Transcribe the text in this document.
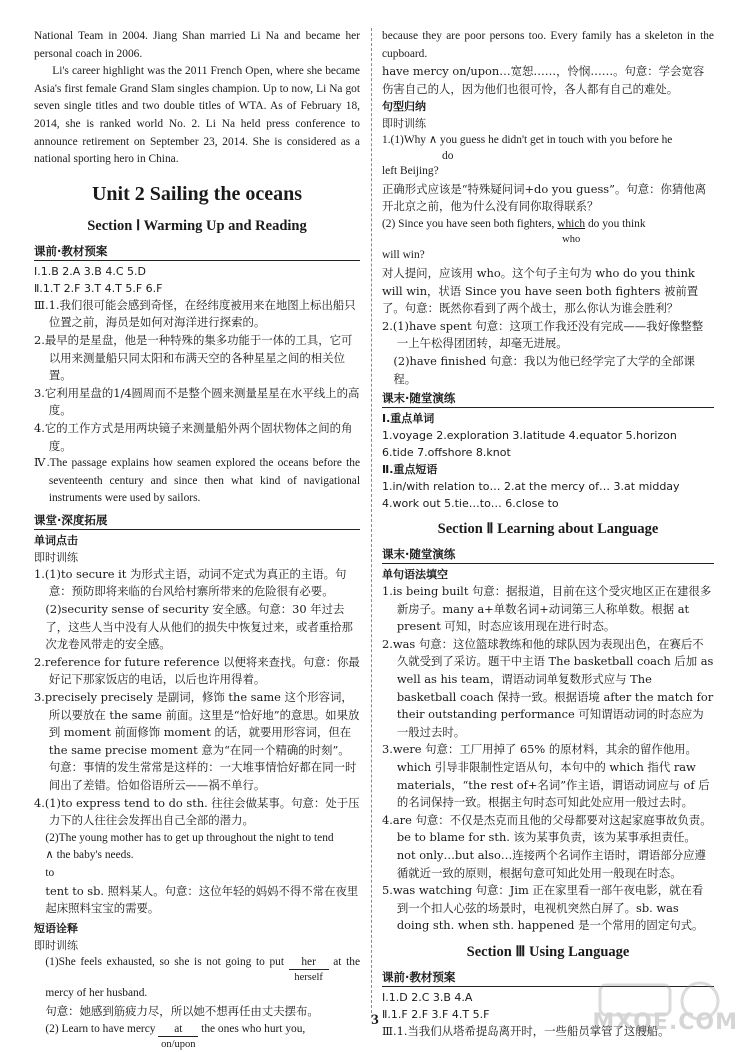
National Team in 2004. Jiang Shan married Li Na and became her personal coach in 2006.

Li's career highlight was the 2011 French Open, where she became Asia's first female Grand Slam singles champion. Up to now, Li Na got seven single titles and two double titles of WTA. As of February 18, 2014, she is ranked world No. 2. Li Na held press conference to announce retirement on September 23, 2014. She is considered as a national sporting hero in China.

Unit 2 Sailing the oceans
Section Ⅰ Warming Up and Reading
课前·教材预案

Ⅰ.1.B 2.A 3.B 4.C 5.D

Ⅱ.1.T 2.F 3.T 4.T 5.F 6.F

Ⅲ.1.我们很可能会感到奇怪，在经纬度被用来在地图上标出船只位置之前，海员是如何对海洋进行探索的。

2.最早的是星盘，他是一种特殊的集多功能于一体的工具，它可以用来测量船只同太阳和布满天空的各种星星之间的相关位置。

3.它利用星盘的1/4圆周而不是整个圆来测量星星在水平线上的高度。

4.它的工作方式是用两块镜子来测量船外两个固状物体之间的角度。

Ⅳ.The passage explains how seamen explored the oceans before the seventeenth century and since then what kind of navigational instruments were used by sailors.

课堂·深度拓展

单词点击

即时训练

1.(1)to secure it 为形式主语，动词不定式为真正的主语。句意：预防即将来临的台风给村寨所带来的危险很有必要。

(2)security sense of security 安全感。句意：30 年过去了，这些人当中没有人从他们的损失中恢复过来，或者重拾那次龙卷风带走的安全感。

2.reference for future reference 以便将来查找。句意：你最好记下那家饭店的电话，以后也许用得着。

3.precisely precisely 是副词，修饰 the same 这个形容词，所以要放在 the same 前面。这里是“恰好地”的意思。如果放到 moment 前面修饰 moment 的话，就要用形容词，但在 the same precise moment 意为“在同一个精确的时刻”。句意：事情的发生常常是这样的：一大堆事情恰好都在同一时间出了差错。恰如俗语所云——祸不单行。

4.(1)to express tend to do sth. 往往会做某事。句意：处于压力下的人往往会发挥出自己全部的潜力。

(2)The young mother has to get up throughout the night to tend

∧ the baby's needs.

to

tent to sb. 照料某人。句意：这位年轻的妈妈不得不常在夜里起床照料宝宝的需要。

短语诠释

即时训练

(1)She feels exhausted, so she is not going to put her
herself
at the mercy of her husband.

句意：她感到筋疲力尽，所以她不想再任由丈夫摆布。

(2) Learn to have mercy at
on/upon
the ones who hurt you,

because they are poor persons too. Every family has a skeleton in the cupboard.

have mercy on/upon…宽恕……，怜悯……。句意：学会宽容伤害自己的人，因为他们也很可怜，各人都有自己的难处。

句型归纳

即时训练

1.(1)Why ∧ you guess he didn't get in touch with you before he

do

left Beijing?

正确形式应该是“特殊疑问词+do you guess”。句意：你猜他离开北京之前，他为什么没有同你取得联系？

(2) Since you have seen both fighters, which
who
do you think

will win?

对人提问，应该用 who。这个句子主句为 who do you think will win，状语 Since you have seen both fighters 被前置了。句意：既然你看到了两个战士，那么你认为谁会胜利？

2.(1)have spent 句意：这项工作我还没有完成——我好像整整一上午松得团团转，却毫无进展。

(2)have finished 句意：我以为他已经学完了大学的全部课程。

课末·随堂演练

Ⅰ.重点单词

1.voyage 2.exploration 3.latitude 4.equator 5.horizon

6.tide 7.offshore 8.knot

Ⅱ.重点短语

1.in/with relation to… 2.at the mercy of… 3.at midday

4.work out 5.tie…to… 6.close to

Section Ⅱ Learning about Language
课末·随堂演练

单句语法填空

1.is being built 句意：据报道，目前在这个受灾地区正在建很多新房子。many a+单数名词+动词第三人称单数。根据 at present 可知，时态应该用现在进行时态。

2.was 句意：这位篮球教练和他的球队因为表现出色，在赛后不久就受到了采访。题干中主语 The basketball coach 后加 as well as his team，谓语动词单复数形式应与 The basketball coach 保持一致。根据语境 after the match for their outstanding performance 可知谓语动词的时态应为一般过去时。

3.were 句意：工厂用掉了 65% 的原材料，其余的留作他用。which 引导非限制性定语从句，本句中的 which 指代 raw materials，“the rest of+名词”作主语，谓语动词应与 of 后的名词保持一致。根据主句时态可知此处应用一般过去时。

4.are 句意：不仅是杰克而且他的父母都要对这起家庭事故负责。be to blame for sth. 该为某事负责，该为某事承担责任。not only…but also…连接两个名词作主语时，谓语部分应遵循就近一致的原则，根据句意可知此处用一般现在时态。

5.was watching 句意：Jim 正在家里看一部午夜电影，就在看到一个扣人心弦的场景时，电视机突然白屏了。sb. was doing sth. when sth. happened 是一个常用的固定句式。

Section Ⅲ Using Language
课前·教材预案

Ⅰ.1.D 2.C 3.B 4.A

Ⅱ.1.F 2.F 3.F 4.T 5.F

Ⅲ.1.当我们从塔希提岛离开时，一些船员掌管了这艘船。

3	MXQE.COM
